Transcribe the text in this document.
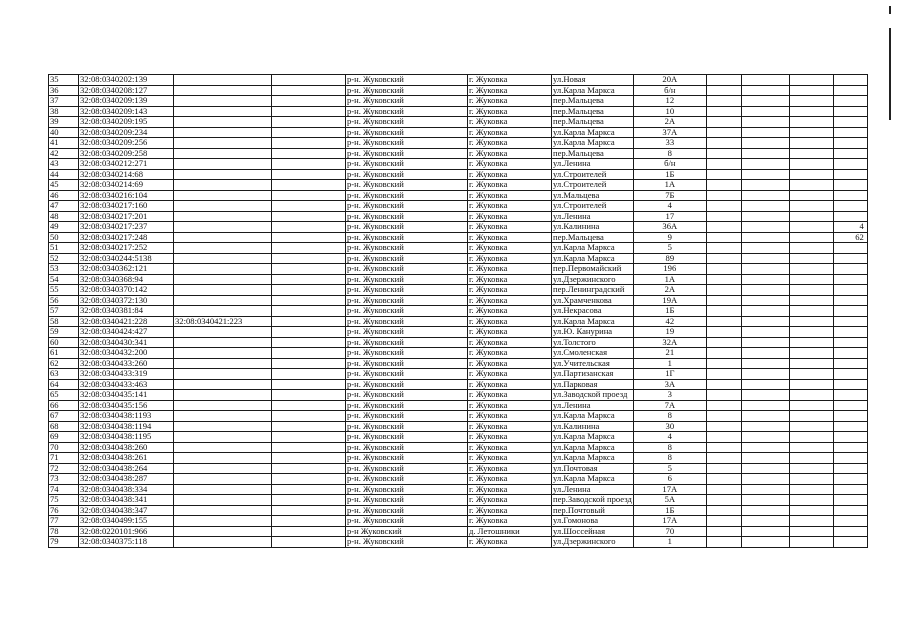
35	32:08:0340202:139			р-н. Жуковский	г. Жуковка	ул.Новая	20А				
36	32:08:0340208:127			р-н. Жуковский	г. Жуковка	ул.Карла Маркса	б/н				
37	32:08:0340209:139			р-н. Жуковский	г. Жуковка	пер.Мальцева	12				
38	32:08:0340209:143			р-н. Жуковский	г. Жуковка	пер.Мальцева	10				
39	32:08:0340209:195			р-н. Жуковский	г. Жуковка	пер.Мальцева	2А				
40	32:08:0340209:234			р-н. Жуковский	г. Жуковка	ул.Карла Маркса	37А				
41	32:08:0340209:256			р-н. Жуковский	г. Жуковка	ул.Карла Маркса	33				
42	32:08:0340209:258			р-н. Жуковский	г. Жуковка	пер.Мальцева	8				
43	32:08:0340212:271			р-н. Жуковский	г. Жуковка	ул.Ленина	б/н				
44	32:08:0340214:68			р-н. Жуковский	г. Жуковка	ул.Строителей	1Б				
45	32:08:0340214:69			р-н. Жуковский	г. Жуковка	ул.Строителей	1А				
46	32:08:0340216:104			р-н. Жуковский	г. Жуковка	ул.Мальцева	7Б				
47	32:08:0340217:160			р-н. Жуковский	г. Жуковка	ул.Строителей	4				
48	32:08:0340217:201			р-н. Жуковский	г. Жуковка	ул.Ленина	17				
49	32:08:0340217:237			р-н. Жуковский	г. Жуковка	ул.Калинина	36А				4
50	32:08:0340217:248			р-н. Жуковский	г. Жуковка	пер.Мальцева	9				62
51	32:08:0340217:252			р-н. Жуковский	г. Жуковка	ул.Карла Маркса	5				
52	32:08:0340244:5138			р-н. Жуковский	г. Жуковка	ул.Карла Маркса	89				
53	32:08:0340362:121			р-н. Жуковский	г. Жуковка	пер.Первомайский	196				
54	32:08:0340368:94			р-н. Жуковский	г. Жуковка	ул.Дзержинского	1А				
55	32:08:0340370:142			р-н. Жуковский	г. Жуковка	пер.Ленинградский	2А				
56	32:08:0340372:130			р-н. Жуковский	г. Жуковка	ул.Храмченкова	19А				
57	32:08:0340381:84			р-н. Жуковский	г. Жуковка	ул.Некрасова	1Б				
58	32:08:0340421:228	32:08:0340421:223		р-н. Жуковский	г. Жуковка	ул.Карла Маркса	42				
59	32:08:0340424:427			р-н. Жуковский	г. Жуковка	ул.Ю. Канурина	19				
60	32:08:0340430:341			р-н. Жуковский	г. Жуковка	ул.Толстого	32А				
61	32:08:0340432:200			р-н. Жуковский	г. Жуковка	ул.Смоленская	21				
62	32:08:0340433:260			р-н. Жуковский	г. Жуковка	ул.Учительская	1				
63	32:08:0340433:319			р-н. Жуковский	г. Жуковка	ул.Партизанская	1Г				
64	32:08:0340433:463			р-н. Жуковский	г. Жуковка	ул.Парковая	3А				
65	32:08:0340435:141			р-н. Жуковский	г. Жуковка	ул.Заводской проезд	3				
66	32:08:0340435:156			р-н. Жуковский	г. Жуковка	ул.Ленина	7А				
67	32:08:0340438:1193			р-н. Жуковский	г. Жуковка	ул.Карла Маркса	8				
68	32:08:0340438:1194			р-н. Жуковский	г. Жуковка	ул.Калинина	30				
69	32:08:0340438:1195			р-н. Жуковский	г. Жуковка	ул.Карла Маркса	4				
70	32:08:0340438:260			р-н. Жуковский	г. Жуковка	ул.Карла Маркса	8				
71	32:08:0340438:261			р-н. Жуковский	г. Жуковка	ул.Карла Маркса	8				
72	32:08:0340438:264			р-н. Жуковский	г. Жуковка	ул.Почтовая	5				
73	32:08:0340438:287			р-н. Жуковский	г. Жуковка	ул.Карла Маркса	6				
74	32:08:0340438:334			р-н. Жуковский	г. Жуковка	ул.Ленина	17А				
75	32:08:0340438:341			р-н. Жуковский	г. Жуковка	пер.Заводской проезд	5А				
76	32:08:0340438:347			р-н. Жуковский	г. Жуковка	пер.Почтовый	1Б				
77	32:08:0340499:155			р-н. Жуковский	г. Жуковка	ул.Гомонова	17А				
78	32:08:0220101:966			р-н Жуковский	д. Летошники	ул.Шоссейная	70				
79	32:08:0340375:118			р-н. Жуковский	г. Жуковка	ул.Дзержинского	1				
